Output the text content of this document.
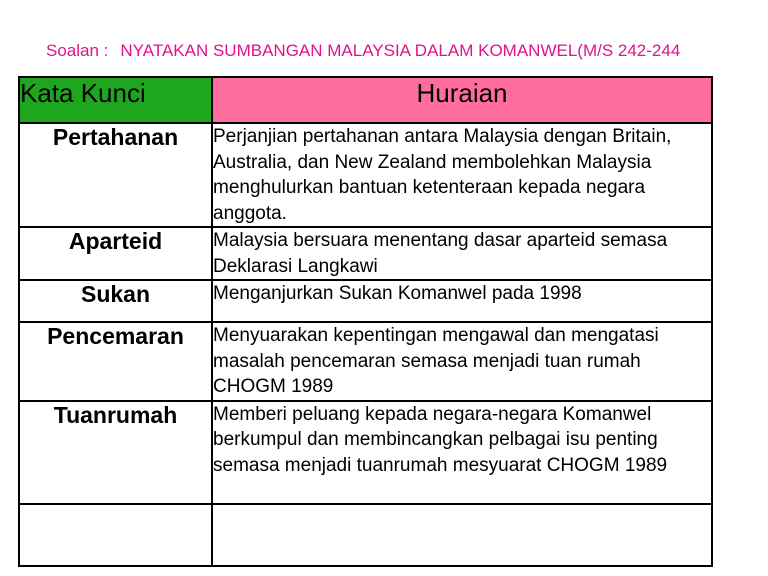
Soalan : NYATAKAN SUMBANGAN MALAYSIA DALAM KOMANWEL(M/S 242-244
Kata Kunci	Huraian
Pertahanan	Perjanjian pertahanan antara Malaysia dengan Britain, Australia, dan New Zealand membolehkan Malaysia menghulurkan bantuan ketenteraan kepada negara anggota.
Aparteid	Malaysia bersuara menentang dasar aparteid semasa Deklarasi Langkawi
Sukan	Menganjurkan Sukan Komanwel pada 1998
Pencemaran	Menyuarakan kepentingan mengawal dan mengatasi masalah pencemaran semasa menjadi tuan rumah CHOGM 1989
Tuanrumah	Memberi peluang kepada negara-negara Komanwel berkumpul dan membincangkan pelbagai isu penting semasa menjadi tuanrumah mesyuarat CHOGM 1989
